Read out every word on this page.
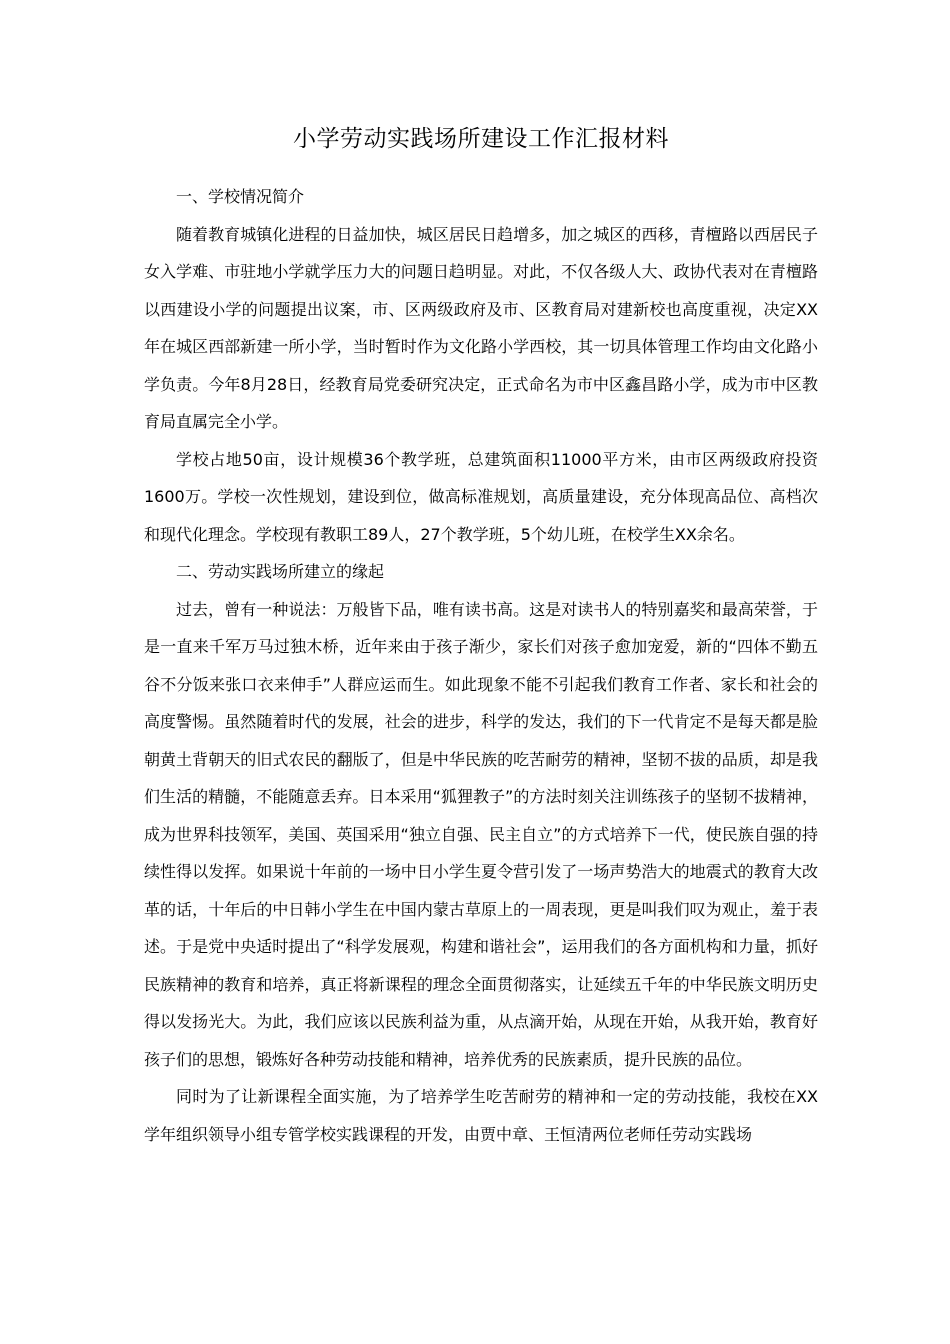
小学劳动实践场所建设工作汇报材料

一、学校情况简介

随着教育城镇化进程的日益加快，城区居民日趋增多，加之城区的西移，青檀路以西居民子女入学难、市驻地小学就学压力大的问题日趋明显。对此，不仅各级人大、政协代表对在青檀路以西建设小学的问题提出议案，市、区两级政府及市、区教育局对建新校也高度重视，决定XX年在城区西部新建一所小学，当时暂时作为文化路小学西校，其一切具体管理工作均由文化路小学负责。今年8月28日，经教育局党委研究决定，正式命名为市中区鑫昌路小学，成为市中区教育局直属完全小学。

学校占地50亩，设计规模36个教学班，总建筑面积11000平方米，由市区两级政府投资1600万。学校一次性规划，建设到位，做高标准规划，高质量建设，充分体现高品位、高档次和现代化理念。学校现有教职工89人，27个教学班，5个幼儿班，在校学生XX余名。

二、劳动实践场所建立的缘起

过去，曾有一种说法：万般皆下品，唯有读书高。这是对读书人的特别嘉奖和最高荣誉，于是一直来千军万马过独木桥，近年来由于孩子渐少，家长们对孩子愈加宠爱，新的“四体不勤五谷不分饭来张口衣来伸手”人群应运而生。如此现象不能不引起我们教育工作者、家长和社会的高度警惕。虽然随着时代的发展，社会的进步，科学的发达，我们的下一代肯定不是每天都是脸朝黄土背朝天的旧式农民的翻版了，但是中华民族的吃苦耐劳的精神，坚韧不拔的品质，却是我们生活的精髓，不能随意丢弃。日本采用“狐狸教子”的方法时刻关注训练孩子的坚韧不拔精神，成为世界科技领军，美国、英国采用“独立自强、民主自立”的方式培养下一代，使民族自强的持续性得以发挥。如果说十年前的一场中日小学生夏令营引发了一场声势浩大的地震式的教育大改革的话，十年后的中日韩小学生在中国内蒙古草原上的一周表现，更是叫我们叹为观止，羞于表述。于是党中央适时提出了“科学发展观，构建和谐社会”，运用我们的各方面机构和力量，抓好民族精神的教育和培养，真正将新课程的理念全面贯彻落实，让延续五千年的中华民族文明历史得以发扬光大。为此，我们应该以民族利益为重，从点滴开始，从现在开始，从我开始，教育好孩子们的思想，锻炼好各种劳动技能和精神，培养优秀的民族素质，提升民族的品位。

同时为了让新课程全面实施，为了培养学生吃苦耐劳的精神和一定的劳动技能，我校在XX学年组织领导小组专管学校实践课程的开发，由贾中章、王恒清两位老师任劳动实践场
